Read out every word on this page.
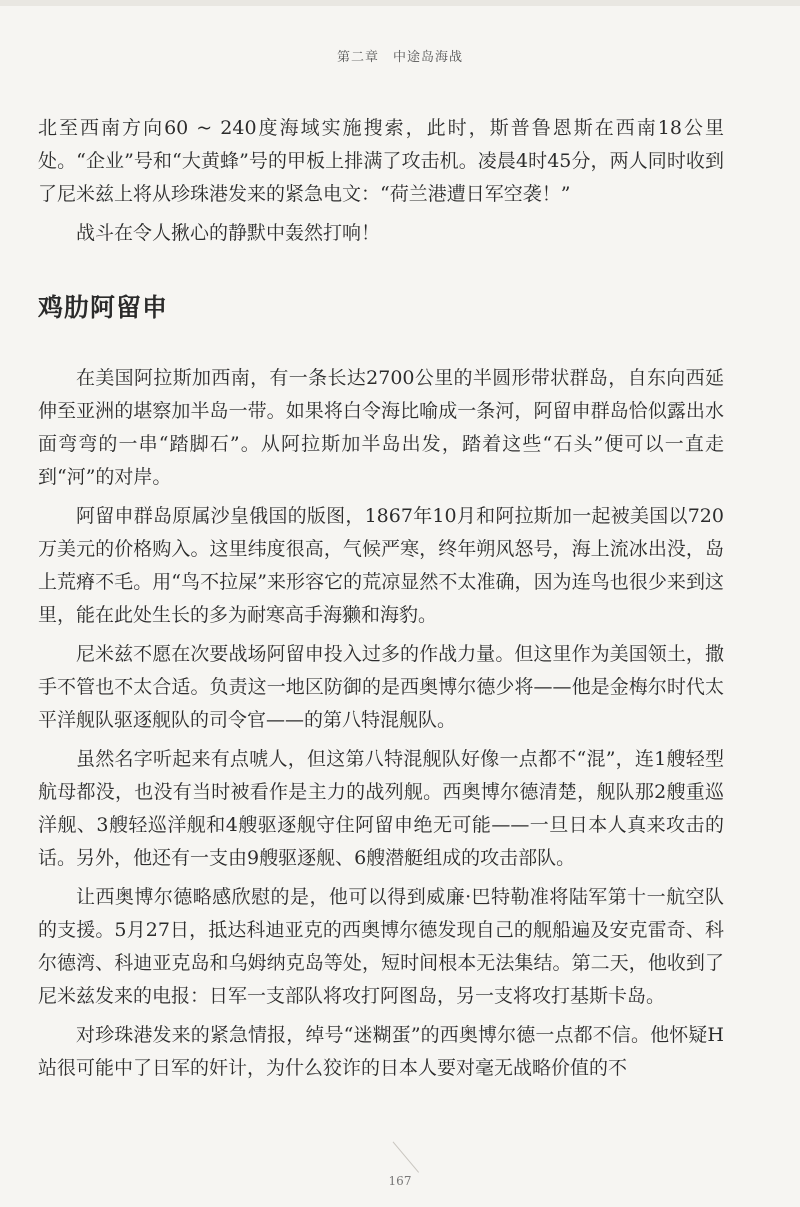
第二章　中途岛海战

北至西南方向60 ~ 240度海域实施搜索，此时，斯普鲁恩斯在西南18公里处。“企业”号和“大黄蜂”号的甲板上排满了攻击机。凌晨4时45分，两人同时收到了尼米兹上将从珍珠港发来的紧急电文：“荷兰港遭日军空袭！”

战斗在令人揪心的静默中轰然打响！

鸡肋阿留申

在美国阿拉斯加西南，有一条长达2700公里的半圆形带状群岛，自东向西延伸至亚洲的堪察加半岛一带。如果将白令海比喻成一条河，阿留申群岛恰似露出水面弯弯的一串“踏脚石”。从阿拉斯加半岛出发，踏着这些“石头”便可以一直走到“河”的对岸。

阿留申群岛原属沙皇俄国的版图，1867年10月和阿拉斯加一起被美国以720万美元的价格购入。这里纬度很高，气候严寒，终年朔风怒号，海上流冰出没，岛上荒瘠不毛。用“鸟不拉屎”来形容它的荒凉显然不太准确，因为连鸟也很少来到这里，能在此处生长的多为耐寒高手海獭和海豹。

尼米兹不愿在次要战场阿留申投入过多的作战力量。但这里作为美国领土，撒手不管也不太合适。负责这一地区防御的是西奥博尔德少将——他是金梅尔时代太平洋舰队驱逐舰队的司令官——的第八特混舰队。

虽然名字听起来有点唬人，但这第八特混舰队好像一点都不“混”，连1艘轻型航母都没，也没有当时被看作是主力的战列舰。西奥博尔德清楚，舰队那2艘重巡洋舰、3艘轻巡洋舰和4艘驱逐舰守住阿留申绝无可能——一旦日本人真来攻击的话。另外，他还有一支由9艘驱逐舰、6艘潜艇组成的攻击部队。

让西奥博尔德略感欣慰的是，他可以得到威廉·巴特勒准将陆军第十一航空队的支援。5月27日，抵达科迪亚克的西奥博尔德发现自己的舰船遍及安克雷奇、科尔德湾、科迪亚克岛和乌姆纳克岛等处，短时间根本无法集结。第二天，他收到了尼米兹发来的电报：日军一支部队将攻打阿图岛，另一支将攻打基斯卡岛。

对珍珠港发来的紧急情报，绰号“迷糊蛋”的西奥博尔德一点都不信。他怀疑H站很可能中了日军的奸计，为什么狡诈的日本人要对毫无战略价值的不

167
